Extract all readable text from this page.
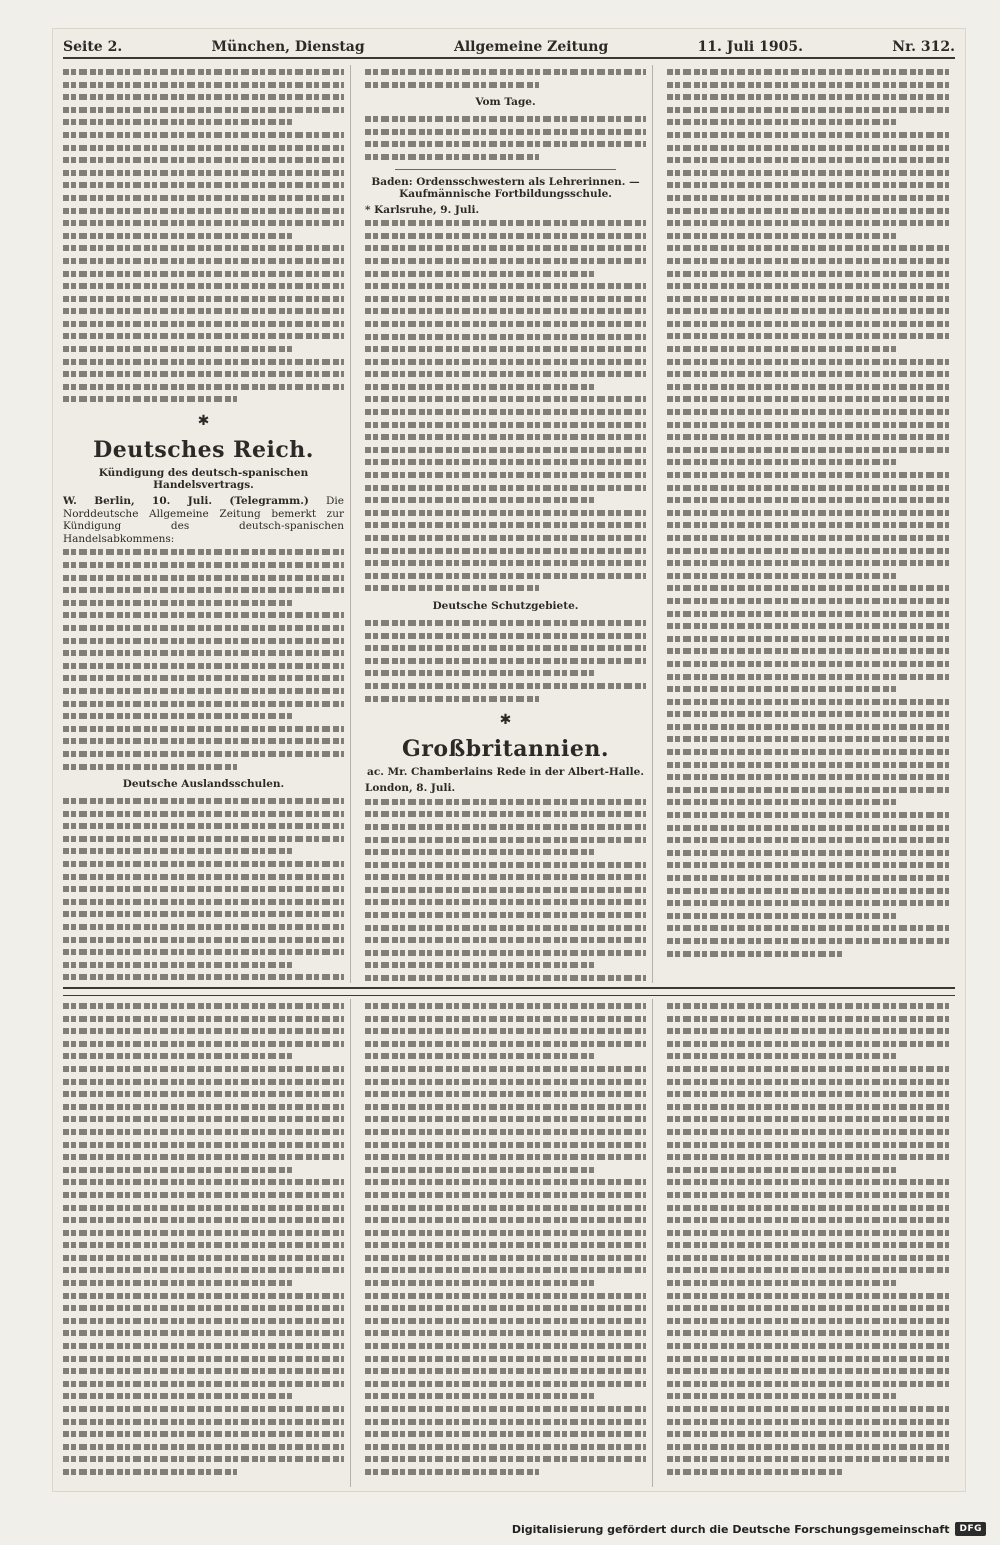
Seite 2.	München, Dienstag	Allgemeine Zeitung	11. Juli 1905.	Nr. 312.
✱
Deutsches Reich.
Kündigung des deutsch-spanischen Handelsvertrags.

W. Berlin, 10. Juli. (Telegramm.) Die Norddeutsche Allgemeine Zeitung bemerkt zur Kündigung des deutsch-spanischen Handelsabkommens:

Deutsche Auslandsschulen.
Vom Tage.
Baden: Ordensschwestern als Lehrerinnen. — Kaufmännische Fortbildungsschule.

* Karlsruhe, 9. Juli.

Deutsche Schutzgebiete.
✱
Großbritannien.
ac. Mr. Chamberlains Rede in der Albert-Halle.

London, 8. Juli.

Digitalisierung gefördert durch die Deutsche Forschungsgemeinschaft	DFG
